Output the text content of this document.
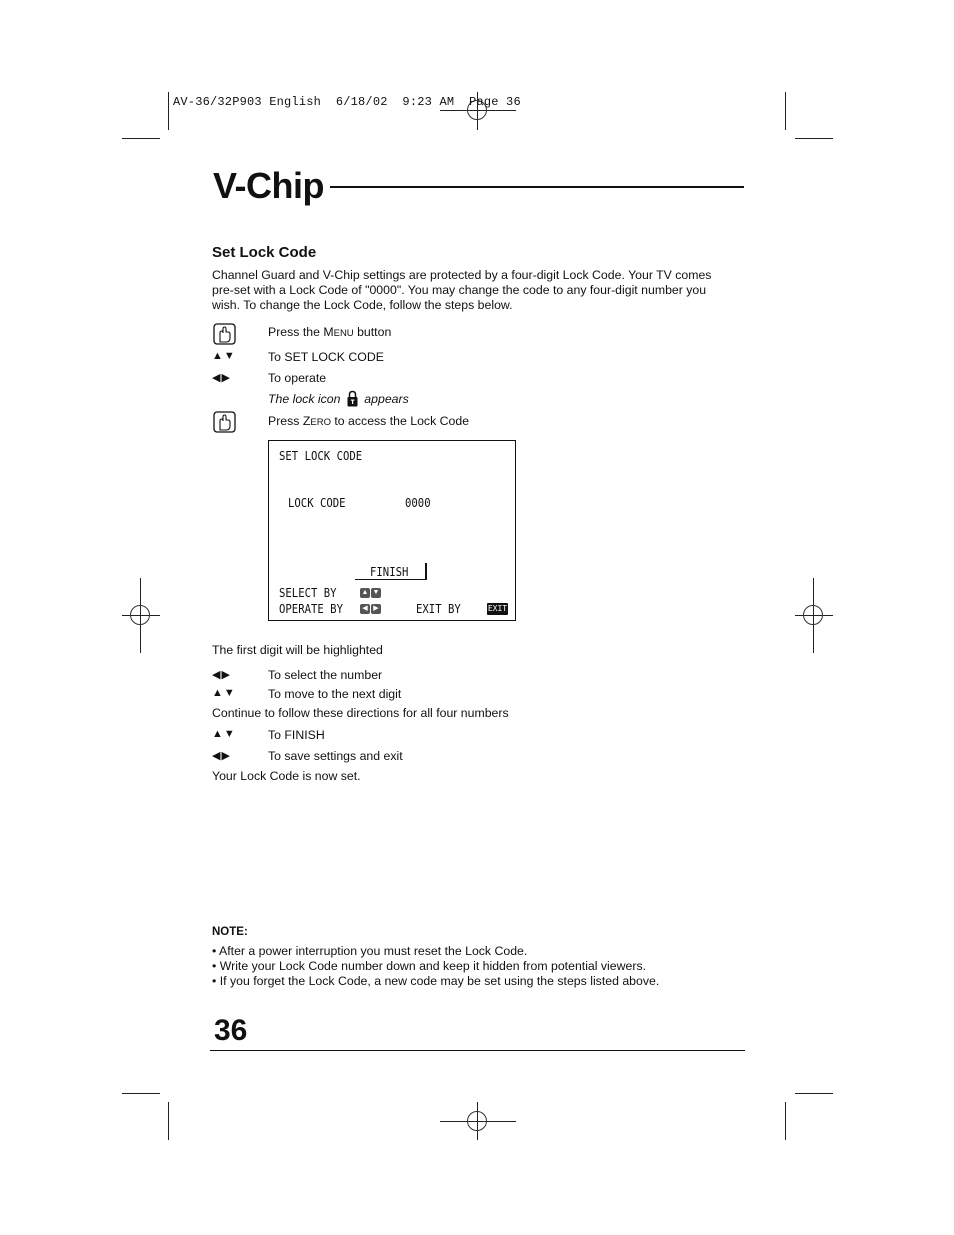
AV-36/32P903 English  6/18/02  9:23 AM  Page 36
V-Chip
Set Lock Code
Channel Guard and V-Chip settings are protected by a four-digit Lock Code. Your TV comes pre-set with a Lock Code of "0000". You may change the code to any four-digit number you wish. To change the Lock Code, follow the steps below.
Press the MENU button
▲▼	To SET LOCK CODE
◀▶	To operate
The lock icon appears
Press ZERO to access the Lock Code
SET LOCK CODE
LOCK CODE	0000
FINISH
SELECT BY	▲ ▼
OPERATE BY	◀ ▶	EXIT BY	EXIT
The first digit will be highlighted
◀▶	To select the number
▲▼	To move to the next digit
Continue to follow these directions for all four numbers
▲▼	To FINISH
◀▶	To save settings and exit
Your Lock Code is now set.
NOTE:
• After a power interruption you must reset the Lock Code.
• Write your Lock Code number down and keep it hidden from potential viewers.
• If you forget the Lock Code, a new code may be set using the steps listed above.
36
